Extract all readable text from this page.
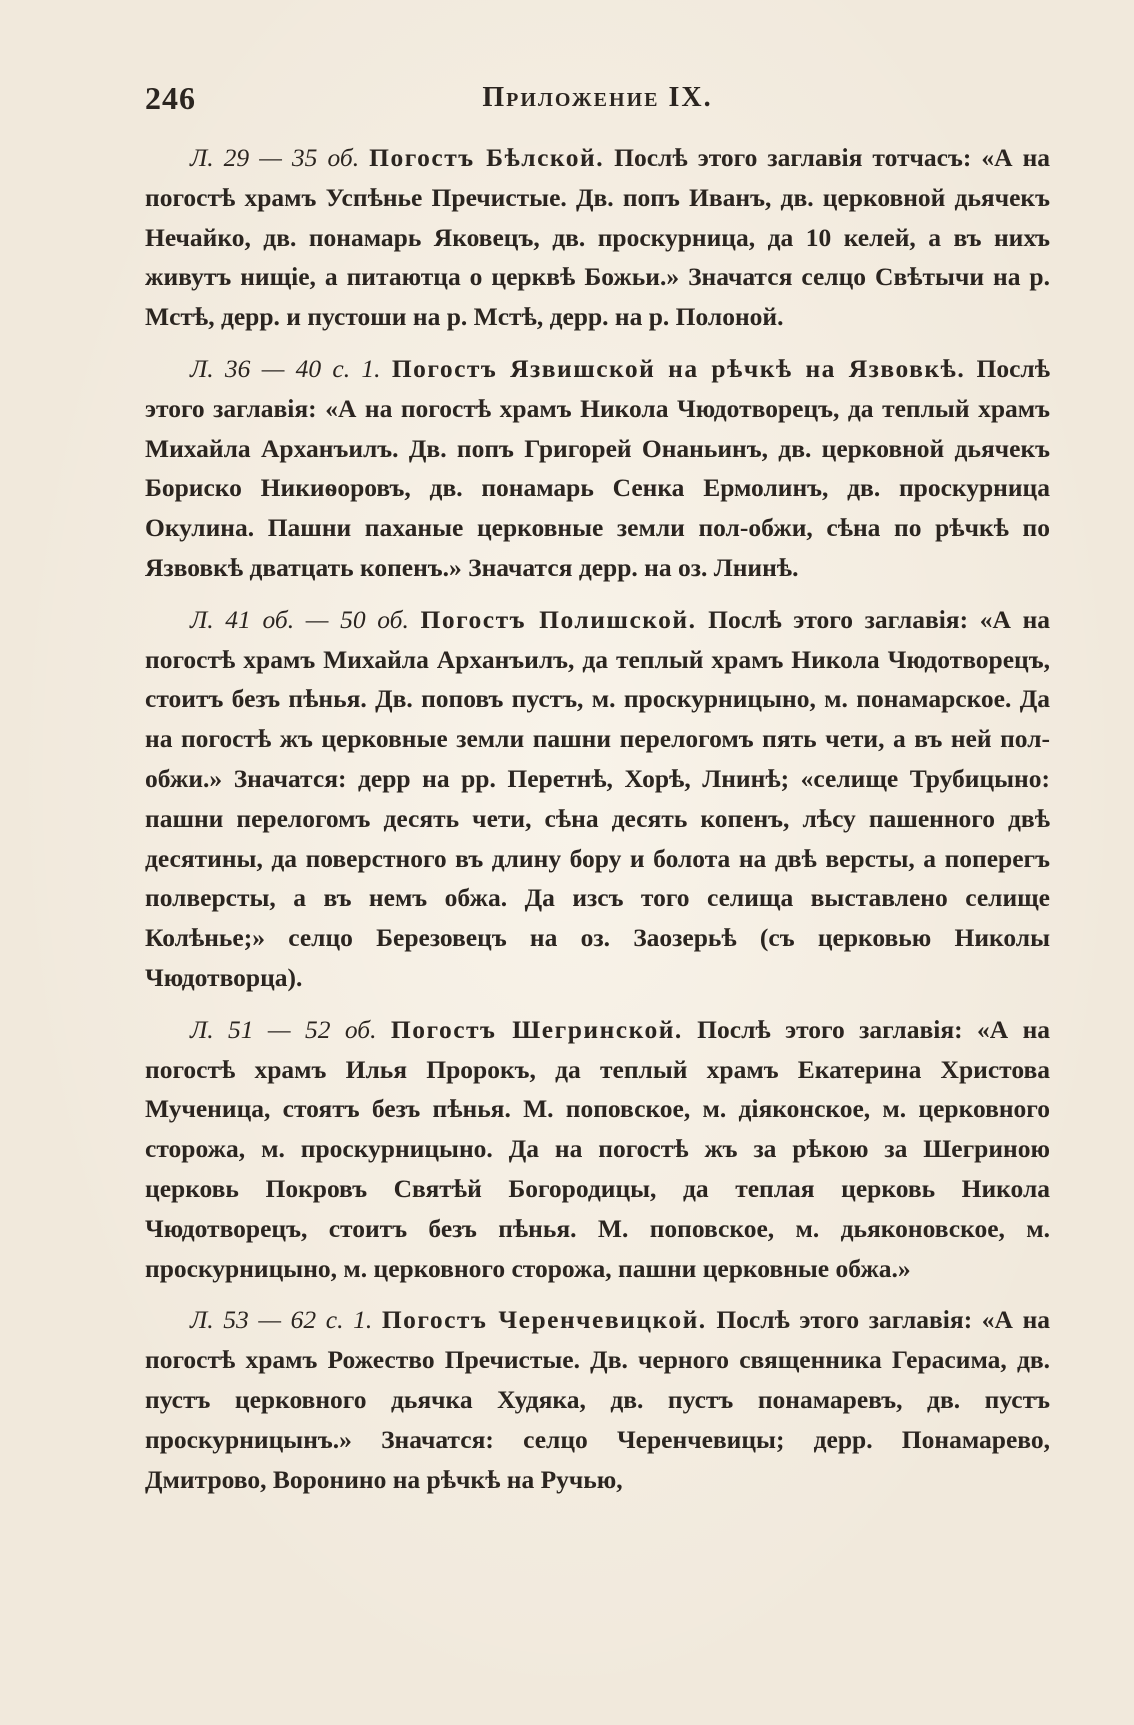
246	Приложение IX.

Л. 29 — 35 об. Погостъ Бѣлской. Послѣ этого заглавія тотчасъ: «А на погостѣ храмъ Успѣнье Пречистые. Дв. попъ Иванъ, дв. церковной дьячекъ Нечайко, дв. понамарь Яковецъ, дв. проскурница, да 10 келей, а въ нихъ живутъ нищіе, а питаютца о церквѣ Божьи.» Значатся селцо Свѣтычи на р. Мстѣ, дерр. и пустоши на р. Мстѣ, дерр. на р. Полоной.

Л. 36 — 40 с. 1. Погостъ Язвишской на рѣчкѣ на Язвовкѣ. Послѣ этого заглавія: «А на погостѣ храмъ Никола Чюдотворецъ, да теплый храмъ Михайла Арханъилъ. Дв. попъ Григорей Онаньинъ, дв. церковной дьячекъ Бориско Никиѳоровъ, дв. понамарь Сенка Ермолинъ, дв. проскурница Окулина. Пашни паханые церковные земли пол-обжи, сѣна по рѣчкѣ по Язвовкѣ дватцать копенъ.» Значатся дерр. на оз. Лнинѣ.

Л. 41 об. — 50 об. Погостъ Полишской. Послѣ этого заглавія: «А на погостѣ храмъ Михайла Арханъилъ, да теплый храмъ Никола Чюдотворецъ, стоитъ безъ пѣнья. Дв. поповъ пустъ, м. проскурницыно, м. понамарское. Да на погостѣ жъ церковные земли пашни перелогомъ пять чети, а въ ней пол-обжи.» Значатся: дерр на рр. Перетнѣ, Хорѣ, Лнинѣ; «селище Трубицыно: пашни перелогомъ десять чети, сѣна десять копенъ, лѣсу пашенного двѣ десятины, да поверстного въ длину бору и болота на двѣ версты, а поперегъ полверсты, а въ немъ обжа. Да изсъ того селища выставлено селище Колѣнье;» селцо Березовецъ на оз. Заозерьѣ (съ церковью Николы Чюдотворца).

Л. 51 — 52 об. Погостъ Шегринской. Послѣ этого заглавія: «А на погостѣ храмъ Илья Пророкъ, да теплый храмъ Екатерина Христова Мученица, стоятъ безъ пѣнья. М. поповское, м. діяконское, м. церковного сторожа, м. проскурницыно. Да на погостѣ жъ за рѣкою за Шегриною церковь Покровъ Святѣй Богородицы, да теплая церковь Никола Чюдотворецъ, стоитъ безъ пѣнья. М. поповское, м. дьяконовское, м. проскурницыно, м. церковного сторожа, пашни церковные обжа.»

Л. 53 — 62 с. 1. Погостъ Черенчевицкой. Послѣ этого заглавія: «А на погостѣ храмъ Рожество Пречистые. Дв. черного священника Герасима, дв. пустъ церковного дьячка Худяка, дв. пустъ понамаревъ, дв. пустъ проскурницынъ.» Значатся: селцо Черенчевицы; дерр. Понамарево, Дмитрово, Воронино на рѣчкѣ на Ручью,
